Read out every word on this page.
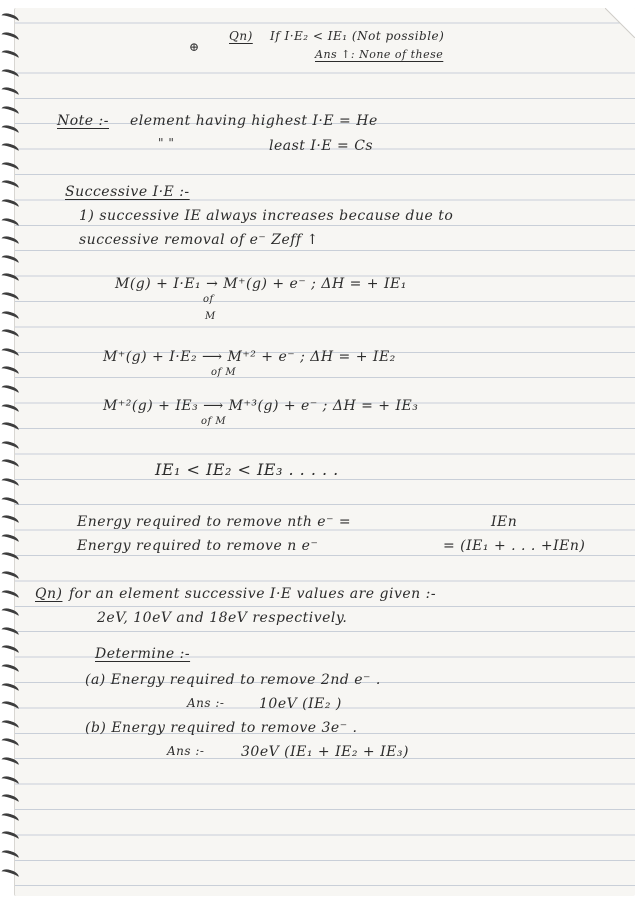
⊕
Qn) If I·E₂ < IE₁ (Not possible)
Ans ↑: None of these
Note :- element having highest I·E = He
" "	least I·E = Cs
Successive I·E :-
1) successive IE always increases because due to
successive removal of e⁻ Zeff ↑
M(g) + I·E₁ → M⁺(g) + e⁻ ; ΔH = + IE₁
of
M
M⁺(g) + I·E₂ ⟶ M⁺² + e⁻ ; ΔH = + IE₂
of M
M⁺²(g) + IE₃ ⟶ M⁺³(g) + e⁻ ; ΔH = + IE₃
of M
IE₁ < IE₂ < IE₃ . . . . .
Energy required to remove nth e⁻ =	IEn
Energy required to remove n e⁻	= (IE₁ + . . . +IEn)
Qn) for an element successive I·E values are given :-
2eV, 10eV and 18eV respectively.
Determine :-
(a) Energy required to remove 2nd e⁻ .
Ans :- 10eV (IE₂ )
(b) Energy required to remove 3e⁻ .
Ans :-	30eV (IE₁ + IE₂ + IE₃)
